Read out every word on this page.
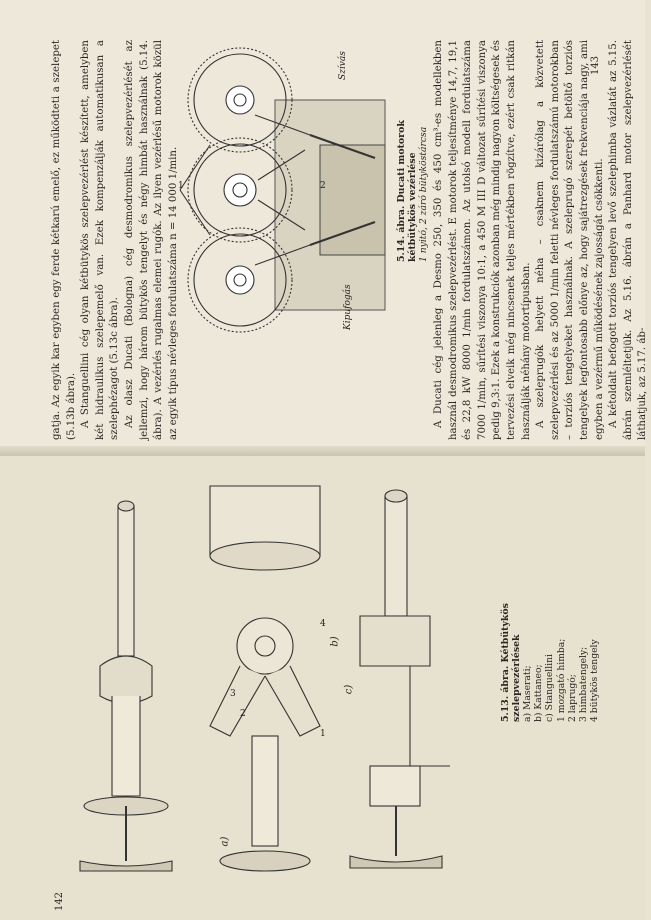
gatja. Az egyik kar egyben egy ferde kétkarú emelő, ez működteti a szelepet (5.13b ábra). A Stanguellini cég olyan kétbütykös szelepvezérlést készített, amelyben két hidraulikus szelepemelő van. Ezek kompenzálják automatikusan a szelephézagot (5.13c ábra). Az olasz Ducati (Bologna) cég desmodromikus szelepvezérlését az jellemzi, hogy három bütykös tengelyt és négy himbát használnak (5.14. ábra). A vezérlés rugalmas elemei rugók. Az ilyen vezérlésű motorok közül az egyik típus névleges fordulatszáma n = 14 000 1/min.

Szívás
Kipufogás
1	2	5.14. ábra. Ducati motorok kétbütykös vezérlése 1 nyitó, 2 záró bütyköstárcsa A Ducati cég jelenleg a Desmo 250, 350 és 450 cm³-es modellekben használ desmodromikus szelepvezérlést. E motorok teljesítménye 14,7, 19,1 és 22,8 kW 8000 1/min fordulatszámon. Az utolsó modell fordulatszáma 7000 1/min, sűrítési viszonya 10:1, a 450 M III D változat sűrítési viszonya pedig 9,3:1. Ezek a konstrukciók azonban még mindig nagyon költségesek és tervezési elveik még nincsenek teljes mértékben rögzítve, ezért csak ritkán használják néhány motortípusban. A szeleprugók helyett néha – csaknem kizárólag a közvetett szelepvezérlési és az 5000 1/min feletti névleges fordulatszámú motorokban – torziós tengelyeket használnak. A szeleprugó szerepét betöltő torziós tengelyek legfontosabb előnye az, hogy sajátrezgések frekvenciája nagy, ami egyben a vezérmű működésének zajosságát csökkenti. A kétoldalt befogott torziós tengelyen levő szelephimba vázlatát az 5.15. ábrán szemléltetjük. Az 5.16. ábrán a Panhard motor szelepvezérlését láthatjuk, az 5.17. áb-

143
a)
c)
1
2
3
4
b)	5.13. ábra. Kétbütykös szelepvezérlések a) Maserati; b) Kattaneo; c) Stanguellini 1 mozgató himba; 2 laprugó; 3 himbatengely; 4 bütykös tengely
142
